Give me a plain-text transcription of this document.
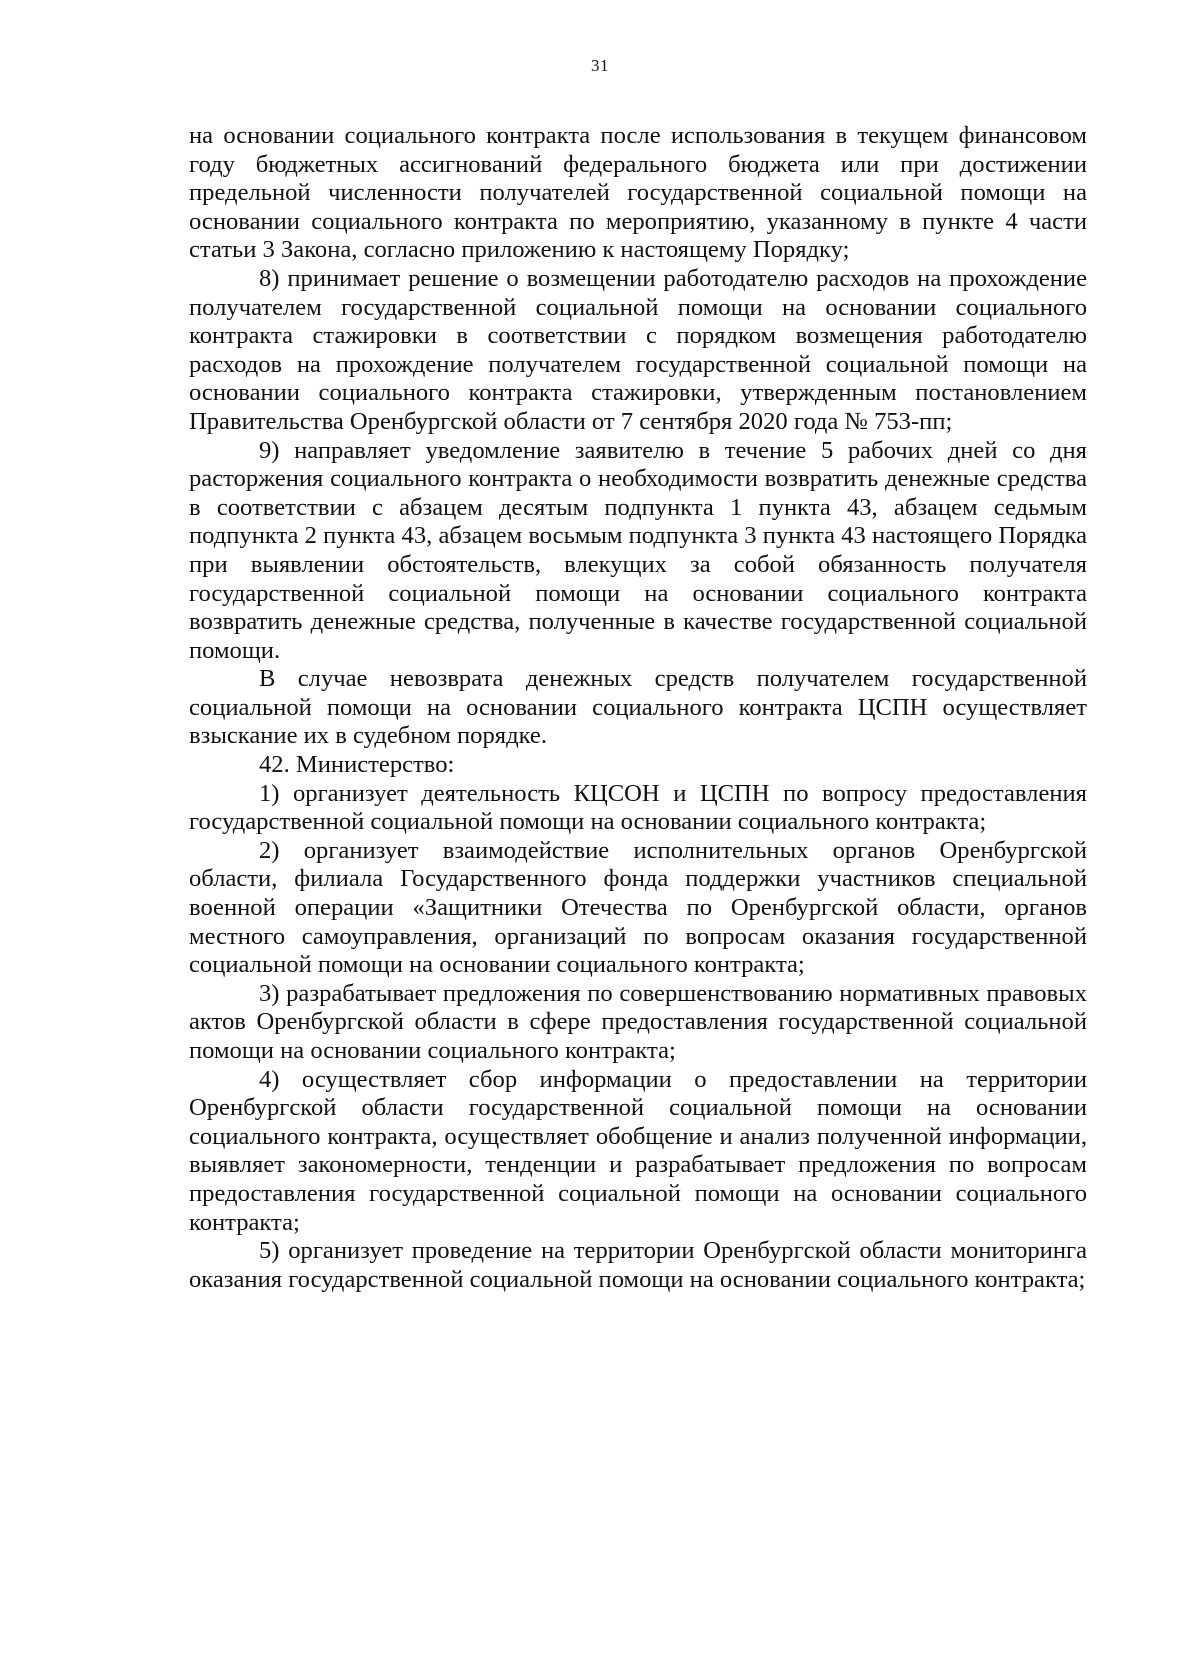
31

на основании социального контракта после использования в текущем финансовом году бюджетных ассигнований федерального бюджета или при достижении предельной численности получателей государственной социальной помощи на основании социального контракта по мероприятию, указанному в пункте 4 части статьи 3 Закона, согласно приложению к настоящему Порядку;

8) принимает решение о возмещении работодателю расходов на прохождение получателем государственной социальной помощи на основании социального контракта стажировки в соответствии с порядком возмещения работодателю расходов на прохождение получателем государственной социальной помощи на основании социального контракта стажировки, утвержденным постановлением Правительства Оренбургской области от 7 сентября 2020 года № 753-пп;

9) направляет уведомление заявителю в течение 5 рабочих дней со дня расторжения социального контракта о необходимости возвратить денежные средства в соответствии с абзацем десятым подпункта 1 пункта 43, абзацем седьмым подпункта 2 пункта 43, абзацем восьмым подпункта 3 пункта 43 настоящего Порядка при выявлении обстоятельств, влекущих за собой обязанность получателя государственной социальной помощи на основании социального контракта возвратить денежные средства, полученные в качестве государственной социальной помощи.

В случае невозврата денежных средств получателем государственной социальной помощи на основании социального контракта ЦСПН осуществляет взыскание их в судебном порядке.

42. Министерство:

1) организует деятельность КЦСОН и ЦСПН по вопросу предоставления государственной социальной помощи на основании социального контракта;

2) организует взаимодействие исполнительных органов Оренбургской области, филиала Государственного фонда поддержки участников специальной военной операции «Защитники Отечества по Оренбургской области, органов местного самоуправления, организаций по вопросам оказания государственной социальной помощи на основании социального контракта;

3) разрабатывает предложения по совершенствованию нормативных правовых актов Оренбургской области в сфере предоставления государственной социальной помощи на основании социального контракта;

4) осуществляет сбор информации о предоставлении на территории Оренбургской области государственной социальной помощи на основании социального контракта, осуществляет обобщение и анализ полученной информации, выявляет закономерности, тенденции и разрабатывает предложения по вопросам предоставления государственной социальной помощи на основании социального контракта;

5) организует проведение на территории Оренбургской области мониторинга оказания государственной социальной помощи на основании социального контракта;
